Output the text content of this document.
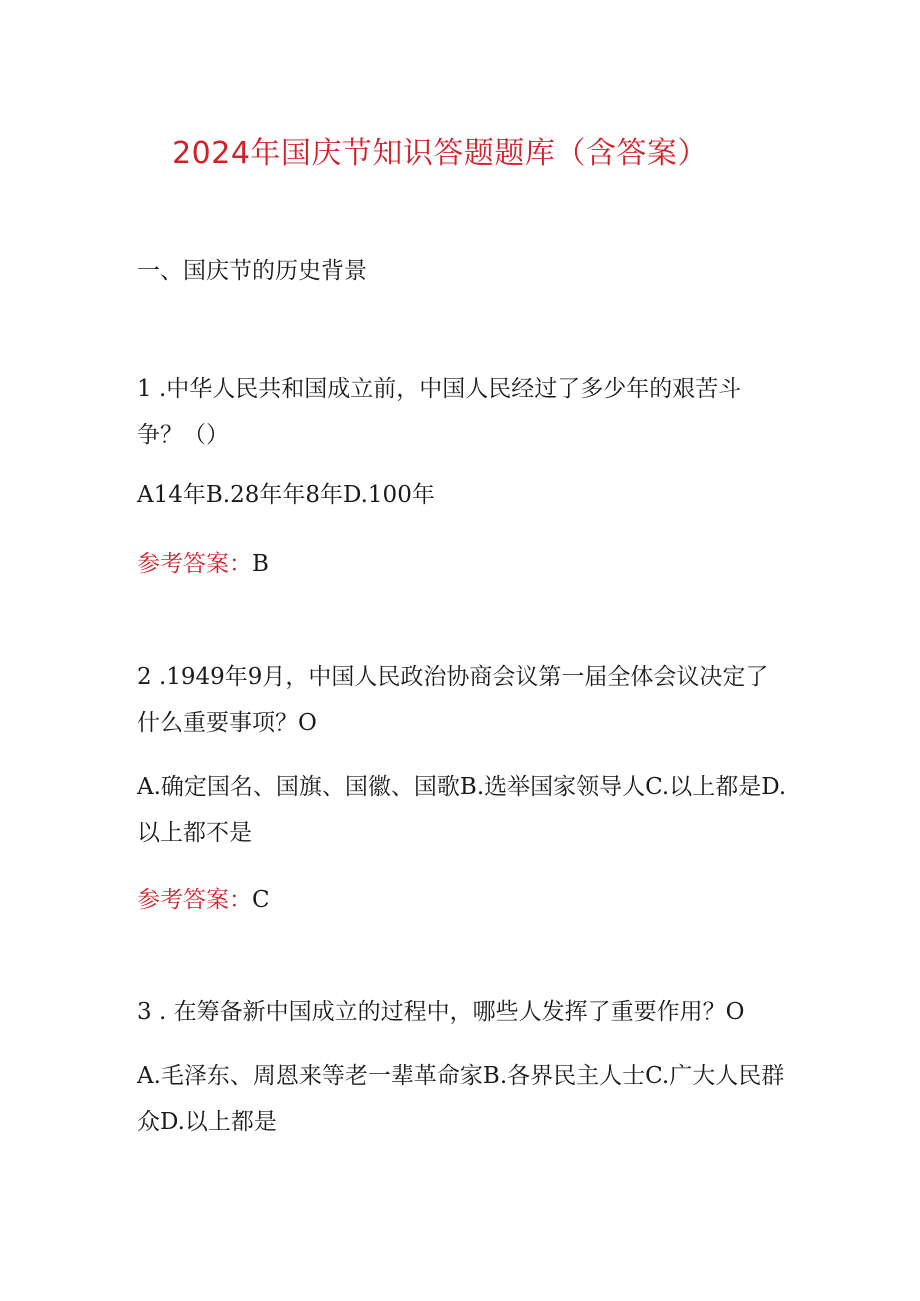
2024年国庆节知识答题题库（含答案）
一、国庆节的历史背景
1 .中华人民共和国成立前，中国人民经过了多少年的艰苦斗争？（）
A14年B.28年年8年D.100年
参考答案：B
2 .1949年9月，中国人民政治协商会议第一届全体会议决定了什么重要事项？O
A.确定国名、国旗、国徽、国歌B.选举国家领导人C.以上都是D.以上都不是
参考答案：C
3 . 在筹备新中国成立的过程中，哪些人发挥了重要作用？O
A.毛泽东、周恩来等老一辈革命家B.各界民主人士C.广大人民群众D.以上都是
